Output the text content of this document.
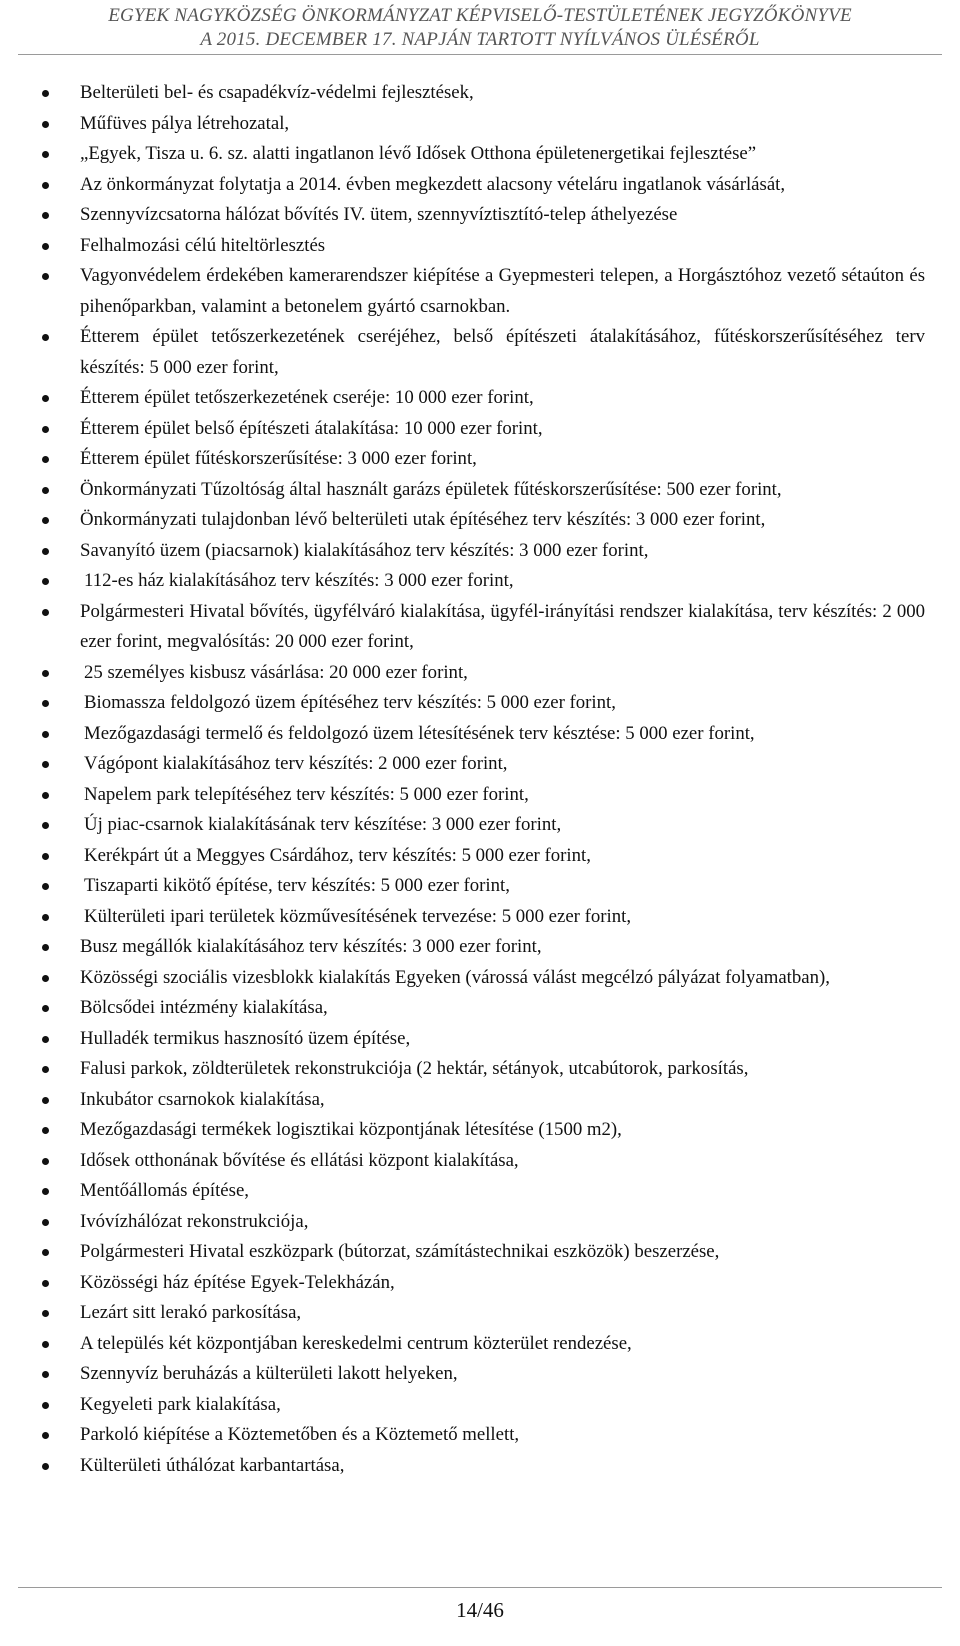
EGYEK NAGYKÖZSÉG ÖNKORMÁNYZAT KÉPVISELŐ-TESTÜLETÉNEK JEGYZŐKÖNYVE
A 2015. DECEMBER 17. NAPJÁN TARTOTT NYÍLVÁNOS ÜLÉSÉRŐL
Belterületi bel- és csapadékvíz-védelmi fejlesztések,
Műfüves pálya létrehozatal,
„Egyek, Tisza u. 6. sz. alatti ingatlanon lévő Idősek Otthona épületenergetikai fejlesztése”
Az önkormányzat folytatja a 2014. évben megkezdett alacsony vételáru ingatlanok vásárlását,
Szennyvízcsatorna hálózat bővítés IV. ütem, szennyvíztisztító-telep áthelyezése
Felhalmozási célú hiteltörlesztés
Vagyonvédelem érdekében kamerarendszer kiépítése a Gyepmesteri telepen, a Horgásztóhoz vezető sétaúton és pihenőparkban, valamint a betonelem gyártó csarnokban.
Étterem épület tetőszerkezetének cseréjéhez, belső építészeti átalakításához, fűtéskorszerűsítéséhez terv készítés: 5 000 ezer forint,
Étterem épület tetőszerkezetének cseréje: 10 000 ezer forint,
Étterem épület belső építészeti átalakítása: 10 000 ezer forint,
Étterem épület fűtéskorszerűsítése: 3 000 ezer forint,
Önkormányzati Tűzoltóság által használt garázs épületek fűtéskorszerűsítése: 500 ezer forint,
Önkormányzati tulajdonban lévő belterületi utak építéséhez terv készítés: 3 000 ezer forint,
Savanyító üzem (piacsarnok) kialakításához terv készítés: 3 000 ezer forint,
112-es ház kialakításához terv készítés: 3 000 ezer forint,
Polgármesteri Hivatal bővítés, ügyfélváró kialakítása, ügyfél-irányítási rendszer kialakítása, terv készítés: 2 000 ezer forint, megvalósítás: 20 000 ezer forint,
25 személyes kisbusz vásárlása: 20 000 ezer forint,
Biomassza feldolgozó üzem építéséhez terv készítés: 5 000 ezer forint,
Mezőgazdasági termelő és feldolgozó üzem létesítésének terv késztése: 5 000 ezer forint,
Vágópont kialakításához terv készítés: 2 000 ezer forint,
Napelem park telepítéséhez terv készítés: 5 000 ezer forint,
Új piac-csarnok kialakításának terv készítése: 3 000 ezer forint,
Kerékpárt út a Meggyes Csárdához, terv készítés: 5 000 ezer forint,
Tiszaparti kikötő építése, terv készítés: 5 000 ezer forint,
Külterületi ipari területek közművesítésének tervezése: 5 000 ezer forint,
Busz megállók kialakításához terv készítés: 3 000 ezer forint,
Közösségi szociális vizesblokk kialakítás Egyeken (várossá válást megcélzó pályázat folyamatban),
Bölcsődei intézmény kialakítása,
Hulladék termikus hasznosító üzem építése,
Falusi parkok, zöldterületek rekonstrukciója (2 hektár, sétányok, utcabútorok, parkosítás,
Inkubátor csarnokok kialakítása,
Mezőgazdasági termékek logisztikai központjának létesítése (1500 m2),
Idősek otthonának bővítése és ellátási központ kialakítása,
Mentőállomás építése,
Ivóvízhálózat rekonstrukciója,
Polgármesteri Hivatal eszközpark (bútorzat, számítástechnikai eszközök) beszerzése,
Közösségi ház építése Egyek-Telekházán,
Lezárt sitt lerakó parkosítása,
A település két központjában kereskedelmi centrum közterület rendezése,
Szennyvíz beruházás a külterületi lakott helyeken,
Kegyeleti park kialakítása,
Parkoló kiépítése a Köztemetőben és a Köztemető mellett,
Külterületi úthálózat karbantartása,
14/46
